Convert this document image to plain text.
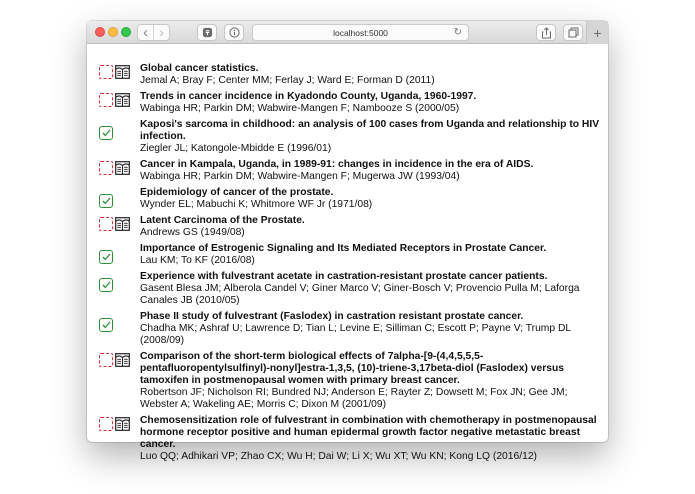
‹ ›	localhost:5000	↻	+
Global cancer statistics.
Jemal A; Bray F; Center MM; Ferlay J; Ward E; Forman D (2011)
Trends in cancer incidence in Kyadondo County, Uganda, 1960-1997.
Wabinga HR; Parkin DM; Wabwire-Mangen F; Nambooze S (2000/05)
Kaposi's sarcoma in childhood: an analysis of 100 cases from Uganda and relationship to HIV infection.
Ziegler JL; Katongole-Mbidde E (1996/01)
Cancer in Kampala, Uganda, in 1989-91: changes in incidence in the era of AIDS.
Wabinga HR; Parkin DM; Wabwire-Mangen F; Mugerwa JW (1993/04)
Epidemiology of cancer of the prostate.
Wynder EL; Mabuchi K; Whitmore WF Jr (1971/08)
Latent Carcinoma of the Prostate.
Andrews GS (1949/08)
Importance of Estrogenic Signaling and Its Mediated Receptors in Prostate Cancer.
Lau KM; To KF (2016/08)
Experience with fulvestrant acetate in castration-resistant prostate cancer patients.
Gasent Blesa JM; Alberola Candel V; Giner Marco V; Giner-Bosch V; Provencio Pulla M; Laforga Canales JB (2010/05)
Phase II study of fulvestrant (Faslodex) in castration resistant prostate cancer.
Chadha MK; Ashraf U; Lawrence D; Tian L; Levine E; Silliman C; Escott P; Payne V; Trump DL (2008/09)
Comparison of the short-term biological effects of 7alpha-[9-(4,4,5,5,5-pentafluoropentylsulfinyl)-nonyl]estra-1,3,5, (10)-triene-3,17beta-diol (Faslodex) versus tamoxifen in postmenopausal women with primary breast cancer.
Robertson JF; Nicholson RI; Bundred NJ; Anderson E; Rayter Z; Dowsett M; Fox JN; Gee JM; Webster A; Wakeling AE; Morris C; Dixon M (2001/09)
Chemosensitization role of fulvestrant in combination with chemotherapy in postmenopausal hormone receptor positive and human epidermal growth factor negative metastatic breast cancer.
Luo QQ; Adhikari VP; Zhao CX; Wu H; Dai W; Li X; Wu XT; Wu KN; Kong LQ (2016/12)
